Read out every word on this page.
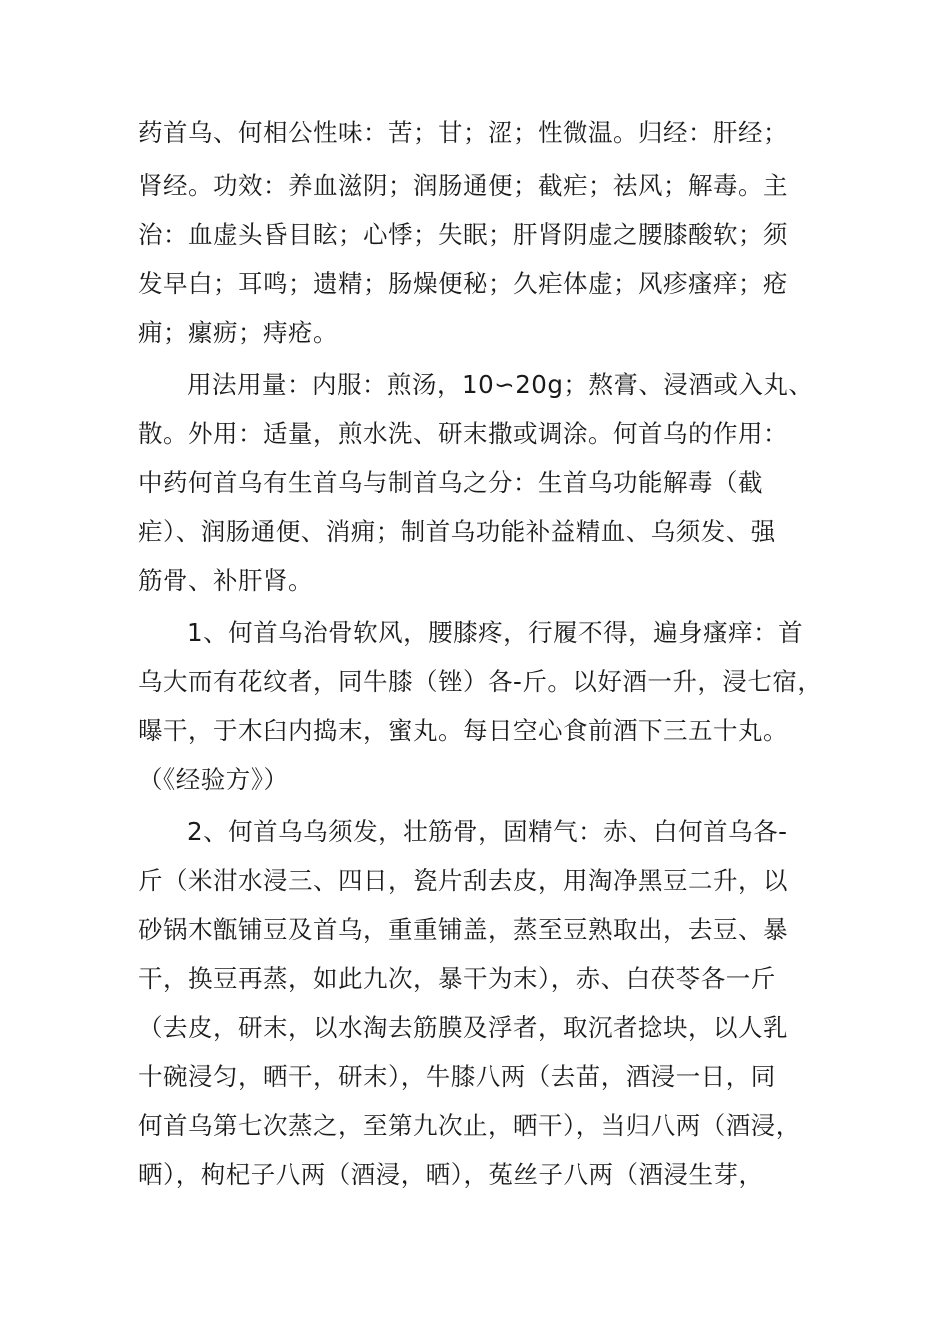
药首乌、何相公性味：苦；甘；涩；性微温。归经：肝经；
肾经。功效：养血滋阴；润肠通便；截疟；祛风；解毒。主
治：血虚头昏目眩；心悸；失眠；肝肾阴虚之腰膝酸软；须
发早白；耳鸣；遗精；肠燥便秘；久疟体虚；风疹瘙痒；疮
痈；瘰疬；痔疮。
用法用量：内服：煎汤，10∽20g；熬膏、浸酒或入丸、
散。外用：适量，煎水洗、研末撒或调涂。何首乌的作用：
中药何首乌有生首乌与制首乌之分：生首乌功能解毒（截
疟）、润肠通便、消痈；制首乌功能补益精血、乌须发、强
筋骨、补肝肾。
1、何首乌治骨软风，腰膝疼，行履不得，遍身瘙痒：首
乌大而有花纹者，同牛膝（锉）各-斤。以好酒一升，浸七宿，
曝干，于木臼内捣末，蜜丸。每日空心食前酒下三五十丸。
（《经验方》）
2、何首乌乌须发，壮筋骨，固精气：赤、白何首乌各-
斤（米泔水浸三、四日，瓷片刮去皮，用淘净黑豆二升，以
砂锅木甑铺豆及首乌，重重铺盖，蒸至豆熟取出，去豆、暴
干，换豆再蒸，如此九次，暴干为末），赤、白茯苓各一斤
（去皮，研末，以水淘去筋膜及浮者，取沉者捻块，以人乳
十碗浸匀，晒干，研末），牛膝八两（去苗，酒浸一日，同
何首乌第七次蒸之，至第九次止，晒干），当归八两（酒浸，
晒），枸杞子八两（酒浸，晒），菟丝子八两（酒浸生芽，
